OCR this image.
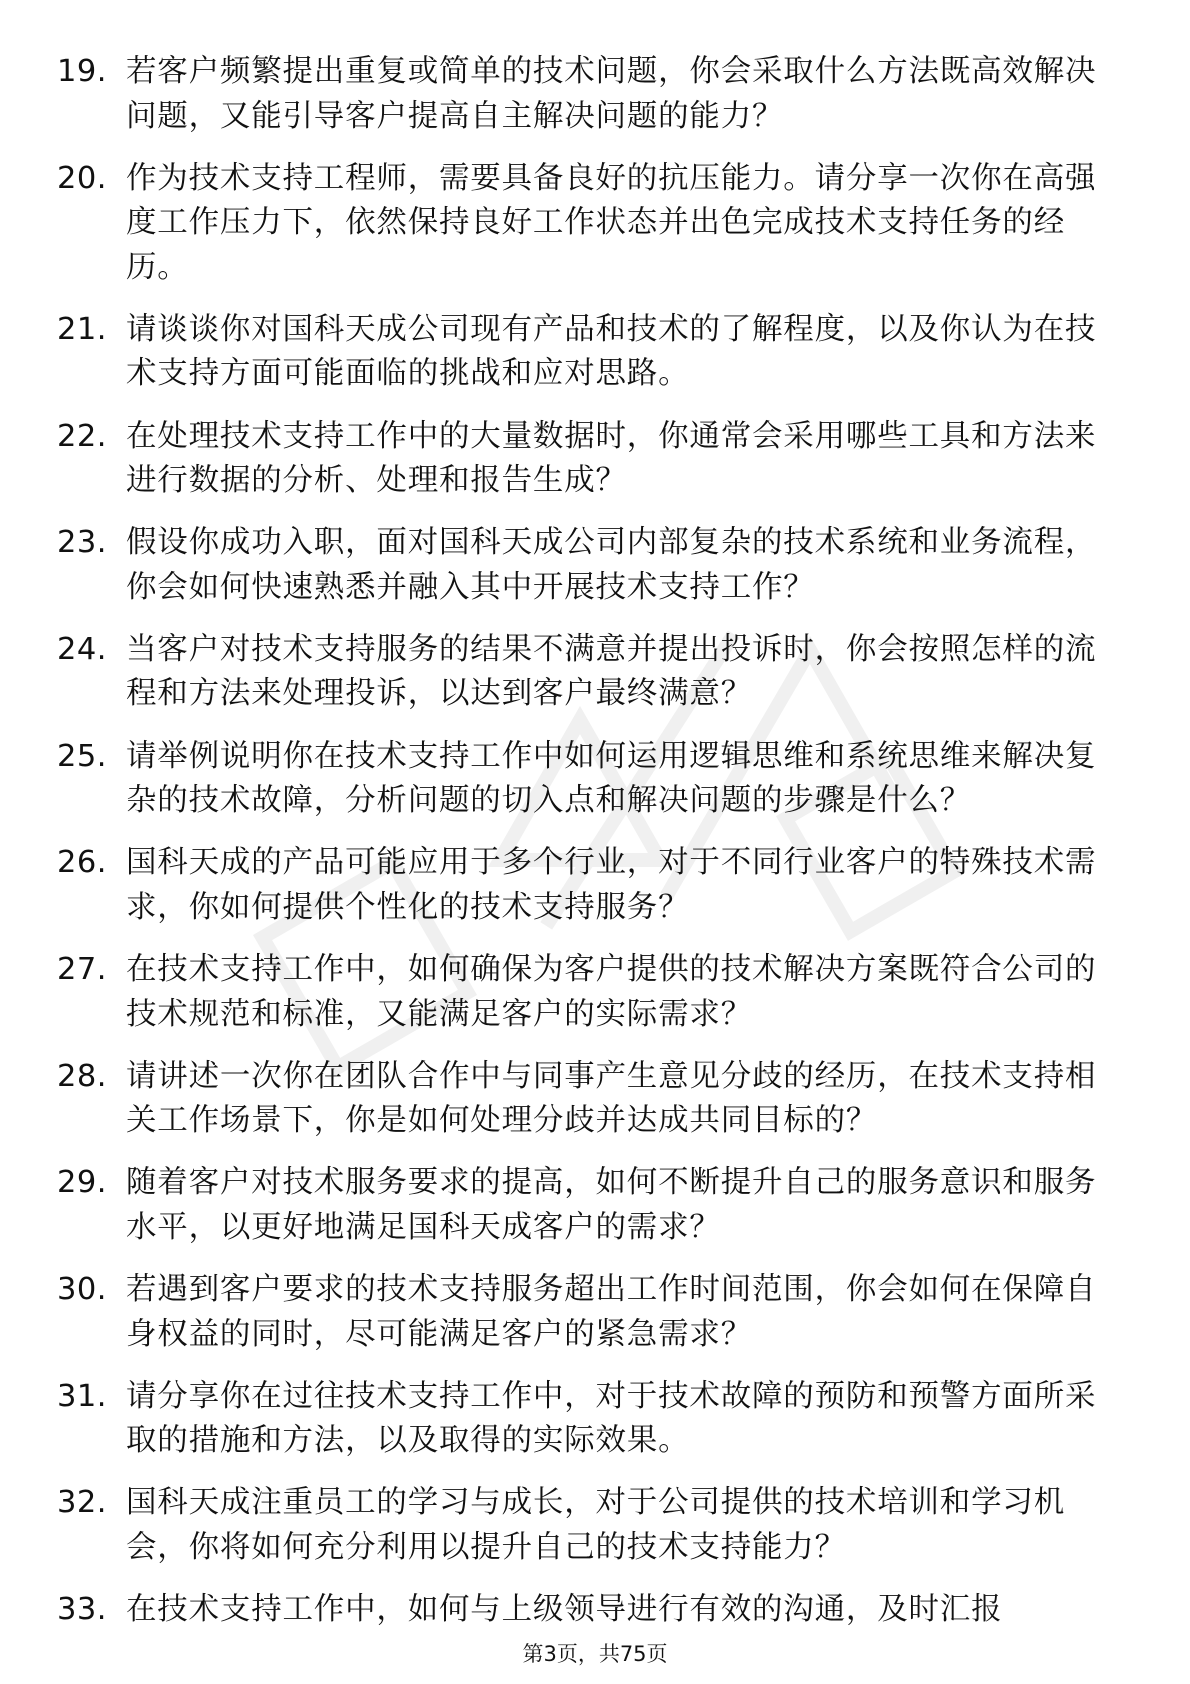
19. 若客户频繁提出重复或简单的技术问题，你会采取什么方法既高效解决问题，又能引导客户提高自主解决问题的能力？
20. 作为技术支持工程师，需要具备良好的抗压能力。请分享一次你在高强度工作压力下，依然保持良好工作状态并出色完成技术支持任务的经历。
21. 请谈谈你对国科天成公司现有产品和技术的了解程度，以及你认为在技术支持方面可能面临的挑战和应对思路。
22. 在处理技术支持工作中的大量数据时，你通常会采用哪些工具和方法来进行数据的分析、处理和报告生成？
23. 假设你成功入职，面对国科天成公司内部复杂的技术系统和业务流程，你会如何快速熟悉并融入其中开展技术支持工作？
24. 当客户对技术支持服务的结果不满意并提出投诉时，你会按照怎样的流程和方法来处理投诉，以达到客户最终满意？
25. 请举例说明你在技术支持工作中如何运用逻辑思维和系统思维来解决复杂的技术故障，分析问题的切入点和解决问题的步骤是什么？
26. 国科天成的产品可能应用于多个行业，对于不同行业客户的特殊技术需求，你如何提供个性化的技术支持服务？
27. 在技术支持工作中，如何确保为客户提供的技术解决方案既符合公司的技术规范和标准，又能满足客户的实际需求？
28. 请讲述一次你在团队合作中与同事产生意见分歧的经历，在技术支持相关工作场景下，你是如何处理分歧并达成共同目标的？
29. 随着客户对技术服务要求的提高，如何不断提升自己的服务意识和服务水平，以更好地满足国科天成客户的需求？
30. 若遇到客户要求的技术支持服务超出工作时间范围，你会如何在保障自身权益的同时，尽可能满足客户的紧急需求？
31. 请分享你在过往技术支持工作中，对于技术故障的预防和预警方面所采取的措施和方法，以及取得的实际效果。
32. 国科天成注重员工的学习与成长，对于公司提供的技术培训和学习机会，你将如何充分利用以提升自己的技术支持能力？
33. 在技术支持工作中，如何与上级领导进行有效的沟通，及时汇报
第3页，共75页
